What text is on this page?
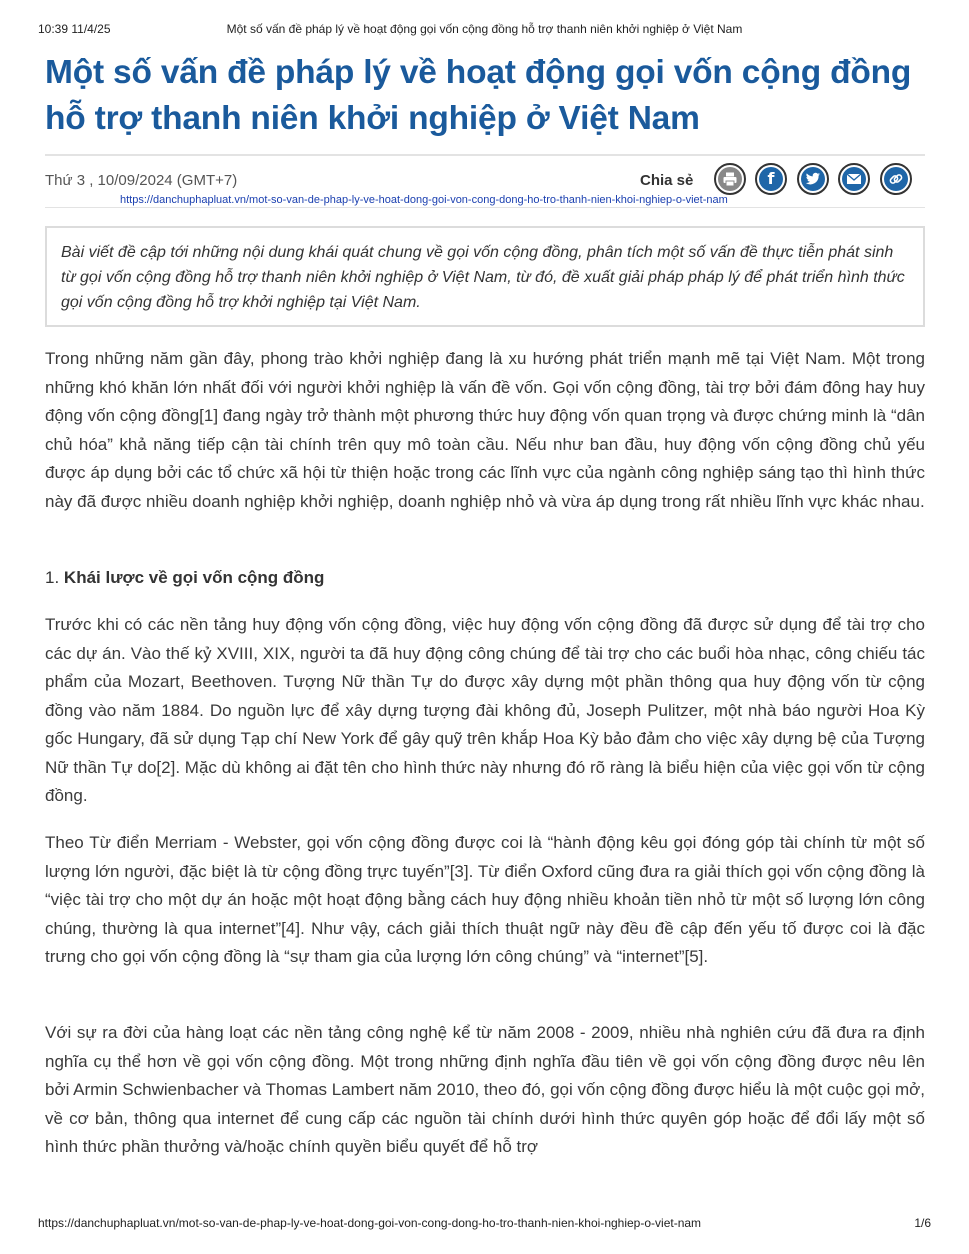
10:39 11/4/25	Một số vấn đề pháp lý về hoạt động gọi vốn cộng đồng hỗ trợ thanh niên khởi nghiệp ở Việt Nam
Một số vấn đề pháp lý về hoạt động gọi vốn cộng đồng hỗ trợ thanh niên khởi nghiệp ở Việt Nam
Thứ 3 , 10/09/2024 (GMT+7)	Chia sẻ	f
https://danchuphapluat.vn/mot-so-van-de-phap-ly-ve-hoat-dong-goi-von-cong-dong-ho-tro-thanh-nien-khoi-nghiep-o-viet-nam

Bài viết đề cập tới những nội dung khái quát chung về gọi vốn cộng đồng, phân tích một số vấn đề thực tiễn phát sinh từ gọi vốn cộng đồng hỗ trợ thanh niên khởi nghiệp ở Việt Nam, từ đó, đề xuất giải pháp pháp lý để phát triển hình thức gọi vốn cộng đồng hỗ trợ khởi nghiệp tại Việt Nam.

Trong những năm gần đây, phong trào khởi nghiệp đang là xu hướng phát triển mạnh mẽ tại Việt Nam. Một trong những khó khăn lớn nhất đối với người khởi nghiệp là vấn đề vốn. Gọi vốn cộng đồng, tài trợ bởi đám đông hay huy động vốn cộng đồng[1] đang ngày trở thành một phương thức huy động vốn quan trọng và được chứng minh là “dân chủ hóa” khả năng tiếp cận tài chính trên quy mô toàn cầu. Nếu như ban đầu, huy động vốn cộng đồng chủ yếu được áp dụng bởi các tổ chức xã hội từ thiện hoặc trong các lĩnh vực của ngành công nghiệp sáng tạo thì hình thức này đã được nhiều doanh nghiệp khởi nghiệp, doanh nghiệp nhỏ và vừa áp dụng trong rất nhiều lĩnh vực khác nhau.

1. Khái lược về gọi vốn cộng đồng

Trước khi có các nền tảng huy động vốn cộng đồng, việc huy động vốn cộng đồng đã được sử dụng để tài trợ cho các dự án. Vào thế kỷ XVIII, XIX, người ta đã huy động công chúng để tài trợ cho các buổi hòa nhạc, công chiếu tác phẩm của Mozart, Beethoven. Tượng Nữ thần Tự do được xây dựng một phần thông qua huy động vốn từ cộng đồng vào năm 1884. Do nguồn lực để xây dựng tượng đài không đủ, Joseph Pulitzer, một nhà báo người Hoa Kỳ gốc Hungary, đã sử dụng Tạp chí New York để gây quỹ trên khắp Hoa Kỳ bảo đảm cho việc xây dựng bệ của Tượng Nữ thần Tự do[2]. Mặc dù không ai đặt tên cho hình thức này nhưng đó rõ ràng là biểu hiện của việc gọi vốn từ cộng đồng.

Theo Từ điển Merriam - Webster, gọi vốn cộng đồng được coi là “hành động kêu gọi đóng góp tài chính từ một số lượng lớn người, đặc biệt là từ cộng đồng trực tuyến”[3]. Từ điển Oxford cũng đưa ra giải thích gọi vốn cộng đồng là “việc tài trợ cho một dự án hoặc một hoạt động bằng cách huy động nhiều khoản tiền nhỏ từ một số lượng lớn công chúng, thường là qua internet”[4]. Như vậy, cách giải thích thuật ngữ này đều đề cập đến yếu tố được coi là đặc trưng cho gọi vốn cộng đồng là “sự tham gia của lượng lớn công chúng” và “internet”[5].

Với sự ra đời của hàng loạt các nền tảng công nghệ kể từ năm 2008 - 2009, nhiều nhà nghiên cứu đã đưa ra định nghĩa cụ thể hơn về gọi vốn cộng đồng. Một trong những định nghĩa đầu tiên về gọi vốn cộng đồng được nêu lên bởi Armin Schwienbacher và Thomas Lambert năm 2010, theo đó, gọi vốn cộng đồng được hiểu là một cuộc gọi mở, về cơ bản, thông qua internet để cung cấp các nguồn tài chính dưới hình thức quyên góp hoặc để đổi lấy một số hình thức phần thưởng và/hoặc chính quyền biểu quyết để hỗ trợ

https://danchuphapluat.vn/mot-so-van-de-phap-ly-ve-hoat-dong-goi-von-cong-dong-ho-tro-thanh-nien-khoi-nghiep-o-viet-nam	1/6
